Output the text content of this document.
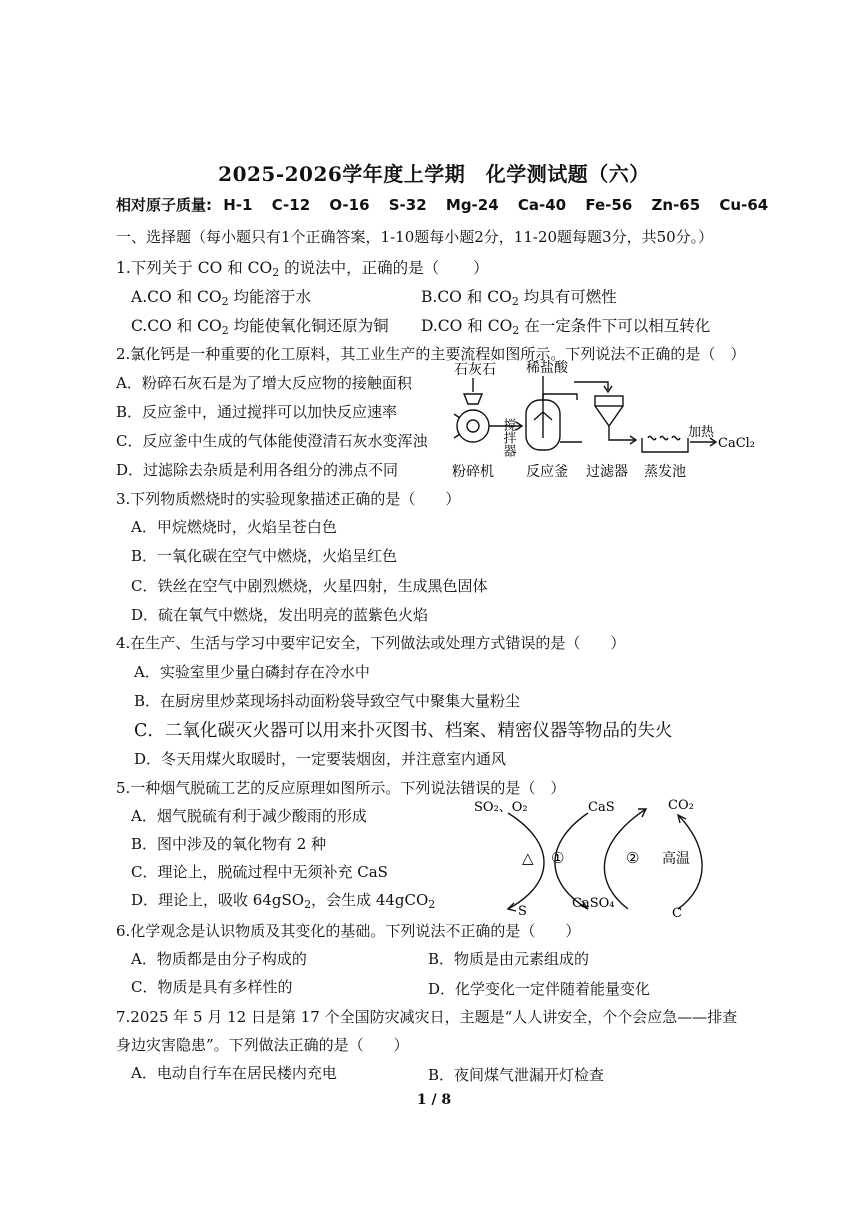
2025-2026学年度上学期　化学测试题（六）
相对原子质量: H-1 C-12 O-16 S-32 Mg-24 Ca-40 Fe-56 Zn-65 Cu-64
一、选择题（每小题只有1个正确答案，1-10题每小题2分，11-20题每题3分，共50分。）
1.下列关于 CO 和 $CO_2$ 的说法中，正确的是（ ）
A.CO 和 $CO_2$ 均能溶于水	B.CO 和 $CO_2$ 均具有可燃性
C.CO 和 $CO_2$ 均能使氧化铜还原为铜 D.CO 和 $CO_2$ 在一定条件下可以相互转化
2.氯化钙是一种重要的化工原料，其工业生产的主要流程如图所示。下列说法不正确的是（　）
A．粉碎石灰石是为了增大反应物的接触面积
B．反应釜中，通过搅拌可以加快反应速率
C．反应釜中生成的气体能使澄清石灰水变浑浊
D．过滤除去杂质是利用各组分的沸点不同
石灰石 稀盐酸
搅拌器
粉碎机 反应釜 过滤器 蒸发池
加热
CaCl₂
3.下列物质燃烧时的实验现象描述正确的是（　　）
A．甲烷燃烧时，火焰呈苍白色
B．一氧化碳在空气中燃烧，火焰呈红色
C．铁丝在空气中剧烈燃烧，火星四射，生成黑色固体
D．硫在氧气中燃烧，发出明亮的蓝紫色火焰
4.在生产、生活与学习中要牢记安全，下列做法或处理方式错误的是（　　）
A．实验室里少量白磷封存在冷水中
B．在厨房里炒菜现场抖动面粉袋导致空气中聚集大量粉尘
C．二氧化碳灭火器可以用来扑灭图书、档案、精密仪器等物品的失火
D．冬天用煤火取暖时，一定要装烟囱，并注意室内通风
5.一种烟气脱硫工艺的反应原理如图所示。下列说法错误的是（　）
A．烟气脱硫有利于减少酸雨的形成
B．图中涉及的氧化物有 2 种
C．理论上，脱硫过程中无须补充 CaS
D．理论上，吸收 64gSO$_2$，会生成 44gCO$_2$
SO₂、O₂	CaS	CO₂
△ ①	② 高温
S
CaSO₄
C
6.化学观念是认识物质及其变化的基础。下列说法不正确的是（　　）
A．物质都是由分子构成的	B．物质是由元素组成的
C．物质是具有多样性的	D．化学变化一定伴随着能量变化
7.2025 年 5 月 12 日是第 17 个全国防灾减灾日，主题是“人人讲安全，个个会应急——排查
身边灾害隐患”。下列做法正确的是（　　）
A．电动自行车在居民楼内充电	B．夜间煤气泄漏开灯检查
1 / 8
